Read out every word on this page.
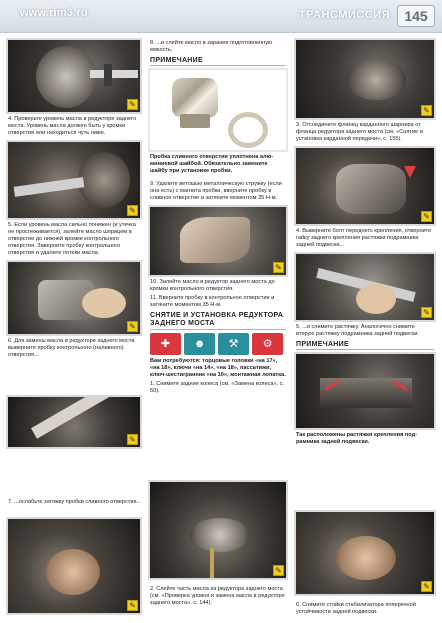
www.rim3.ru	ТРАНСМИССИЯ	145
✎
4. Проверьте уровень масла в редукторе заднего моста. Уровень масла должен быть у кромки отверстия или находиться чуть ниже.
✎
5. Если уровень масла сильно понижен (и утечка не прослеживается), залейте масло шприцем в отверстие до нижней кромки контрольного отверстия. Заверните пробку контрольного отверстия и удалите потеки масла.
✎
6. Для замены масла в редукторе заднего моста выверните пробку контрольного (наливного) отверстия...
✎
7. ...ослабьте затяжку пробки сливного отверстия...
✎
8. ...и слейте масло в заранее подготовленную емкость.
ПРИМЕЧАНИЕ
Пробка сливного отверстия уплотнена алюминиевой шайбой. Обязательно замените шайбу при установке пробки.
9. Удалите ветошью металлическую стружку (если она есть) с магнита пробки, вверните пробку в сливное отверстие и затяните моментом 35 Н·м.
✎
10. Залейте масло в редуктор заднего моста до кромки контрольного отверстия.
11. Вверните пробку в контрольное отверстие и затяните моментом 35 Н·м.
СНЯТИЕ И УСТАНОВКА РЕДУКТОРА ЗАДНЕГО МОСТА
✚	☻	⚒	⚙
Вам потребуются: торцовые головки «на 17», «на 18», ключи «на 14», «на 18», пассатижи, ключ-шестигранник «на 10», монтажная лопатка.
1. Снимите задние колеса (см. «Замена колеса», с. 50).
✎
2. Слейте часть масла из редуктора заднего моста (см. «Проверка уровня и замена масла в редукторе заднего моста», с. 144).
✎
3. Отсоедините фланец карданного шарнира от фланца редуктора заднего моста (см. «Снятие и установка карданной передачи», с. 155).
✎
4. Выверните болт переднего крепления, отверните гайку заднего крепления растяжки подрамника задней подвески...
✎
5. ...и снимите растяжку. Аналогично снимите вторую растяжку подрамника задней подвески.
ПРИМЕЧАНИЕ
Так расположены растяжки крепления подрамника задней подвески.
✎
6. Снимите стойки стабилизатора поперечной устойчивости задней подвески.
